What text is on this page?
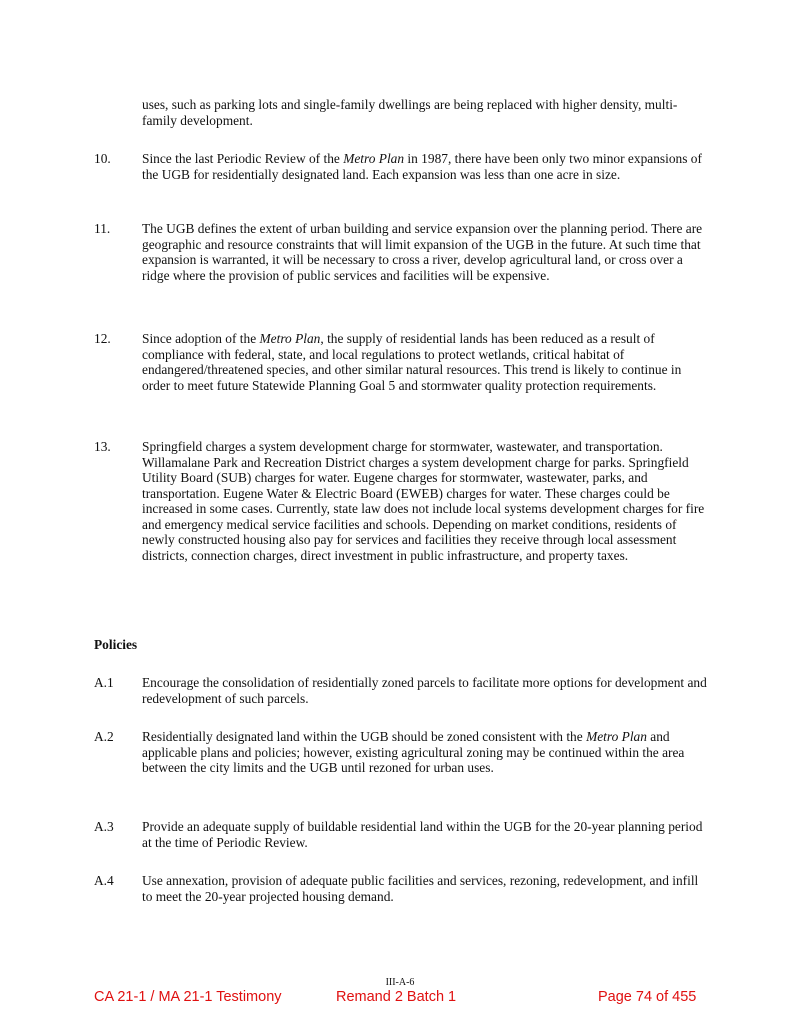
uses, such as parking lots and single-family dwellings are being replaced with higher density, multi-family development.
10. Since the last Periodic Review of the Metro Plan in 1987, there have been only two minor expansions of the UGB for residentially designated land. Each expansion was less than one acre in size.
11. The UGB defines the extent of urban building and service expansion over the planning period. There are geographic and resource constraints that will limit expansion of the UGB in the future. At such time that expansion is warranted, it will be necessary to cross a river, develop agricultural land, or cross over a ridge where the provision of public services and facilities will be expensive.
12. Since adoption of the Metro Plan, the supply of residential lands has been reduced as a result of compliance with federal, state, and local regulations to protect wetlands, critical habitat of endangered/threatened species, and other similar natural resources. This trend is likely to continue in order to meet future Statewide Planning Goal 5 and stormwater quality protection requirements.
13. Springfield charges a system development charge for stormwater, wastewater, and transportation. Willamalane Park and Recreation District charges a system development charge for parks. Springfield Utility Board (SUB) charges for water. Eugene charges for stormwater, wastewater, parks, and transportation. Eugene Water & Electric Board (EWEB) charges for water. These charges could be increased in some cases. Currently, state law does not include local systems development charges for fire and emergency medical service facilities and schools. Depending on market conditions, residents of newly constructed housing also pay for services and facilities they receive through local assessment districts, connection charges, direct investment in public infrastructure, and property taxes.
Policies
A.1 Encourage the consolidation of residentially zoned parcels to facilitate more options for development and redevelopment of such parcels.
A.2 Residentially designated land within the UGB should be zoned consistent with the Metro Plan and applicable plans and policies; however, existing agricultural zoning may be continued within the area between the city limits and the UGB until rezoned for urban uses.
A.3 Provide an adequate supply of buildable residential land within the UGB for the 20-year planning period at the time of Periodic Review.
A.4 Use annexation, provision of adequate public facilities and services, rezoning, redevelopment, and infill to meet the 20-year projected housing demand.
III-A-6
CA 21-1 / MA 21-1 Testimony	Remand 2 Batch 1	Page 74 of 455
